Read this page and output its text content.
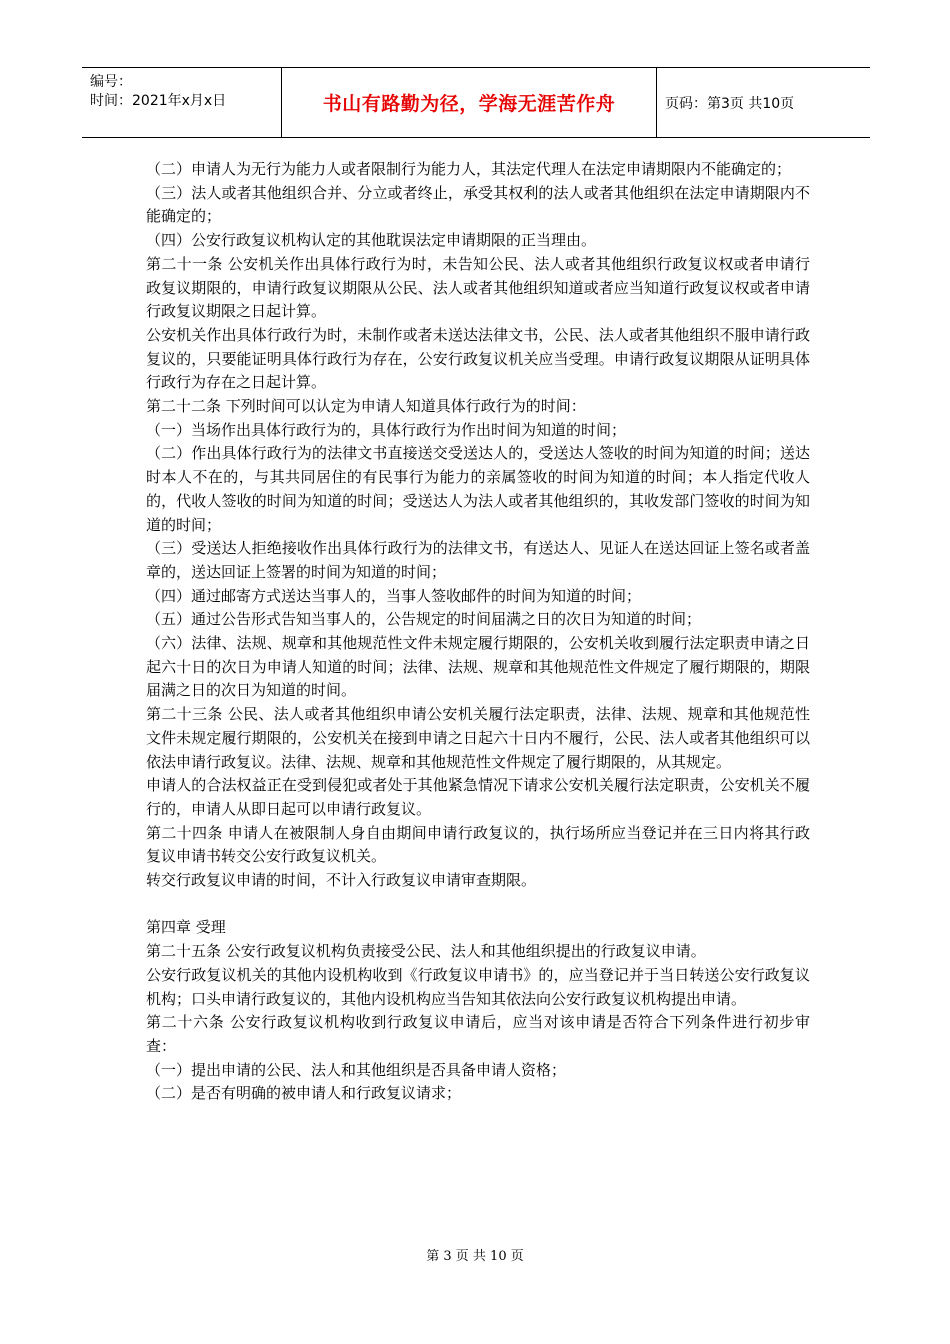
编号：
时间：2021年x月x日	书山有路勤为径，学海无涯苦作舟	页码：第3页 共10页

（二）申请人为无行为能力人或者限制行为能力人，其法定代理人在法定申请期限内不能确定的；

（三）法人或者其他组织合并、分立或者终止，承受其权利的法人或者其他组织在法定申请期限内不能确定的；

（四）公安行政复议机构认定的其他耽误法定申请期限的正当理由。

第二十一条 公安机关作出具体行政行为时，未告知公民、法人或者其他组织行政复议权或者申请行政复议期限的，申请行政复议期限从公民、法人或者其他组织知道或者应当知道行政复议权或者申请行政复议期限之日起计算。

公安机关作出具体行政行为时，未制作或者未送达法律文书，公民、法人或者其他组织不服申请行政复议的，只要能证明具体行政行为存在，公安行政复议机关应当受理。申请行政复议期限从证明具体行政行为存在之日起计算。

第二十二条 下列时间可以认定为申请人知道具体行政行为的时间：

（一）当场作出具体行政行为的，具体行政行为作出时间为知道的时间；

（二）作出具体行政行为的法律文书直接送交受送达人的，受送达人签收的时间为知道的时间；送达时本人不在的，与其共同居住的有民事行为能力的亲属签收的时间为知道的时间；本人指定代收人的，代收人签收的时间为知道的时间；受送达人为法人或者其他组织的，其收发部门签收的时间为知道的时间；

（三）受送达人拒绝接收作出具体行政行为的法律文书，有送达人、见证人在送达回证上签名或者盖章的，送达回证上签署的时间为知道的时间；

（四）通过邮寄方式送达当事人的，当事人签收邮件的时间为知道的时间；

（五）通过公告形式告知当事人的，公告规定的时间届满之日的次日为知道的时间；

（六）法律、法规、规章和其他规范性文件未规定履行期限的，公安机关收到履行法定职责申请之日起六十日的次日为申请人知道的时间；法律、法规、规章和其他规范性文件规定了履行期限的，期限届满之日的次日为知道的时间。

第二十三条 公民、法人或者其他组织申请公安机关履行法定职责，法律、法规、规章和其他规范性文件未规定履行期限的，公安机关在接到申请之日起六十日内不履行，公民、法人或者其他组织可以依法申请行政复议。法律、法规、规章和其他规范性文件规定了履行期限的，从其规定。

申请人的合法权益正在受到侵犯或者处于其他紧急情况下请求公安机关履行法定职责，公安机关不履行的，申请人从即日起可以申请行政复议。

第二十四条 申请人在被限制人身自由期间申请行政复议的，执行场所应当登记并在三日内将其行政复议申请书转交公安行政复议机关。

转交行政复议申请的时间，不计入行政复议申请审查期限。

第四章 受理

第二十五条 公安行政复议机构负责接受公民、法人和其他组织提出的行政复议申请。

公安行政复议机关的其他内设机构收到《行政复议申请书》的，应当登记并于当日转送公安行政复议机构；口头申请行政复议的，其他内设机构应当告知其依法向公安行政复议机构提出申请。

第二十六条 公安行政复议机构收到行政复议申请后，应当对该申请是否符合下列条件进行初步审查：

（一）提出申请的公民、法人和其他组织是否具备申请人资格；

（二）是否有明确的被申请人和行政复议请求；

第 3 页 共 10 页
